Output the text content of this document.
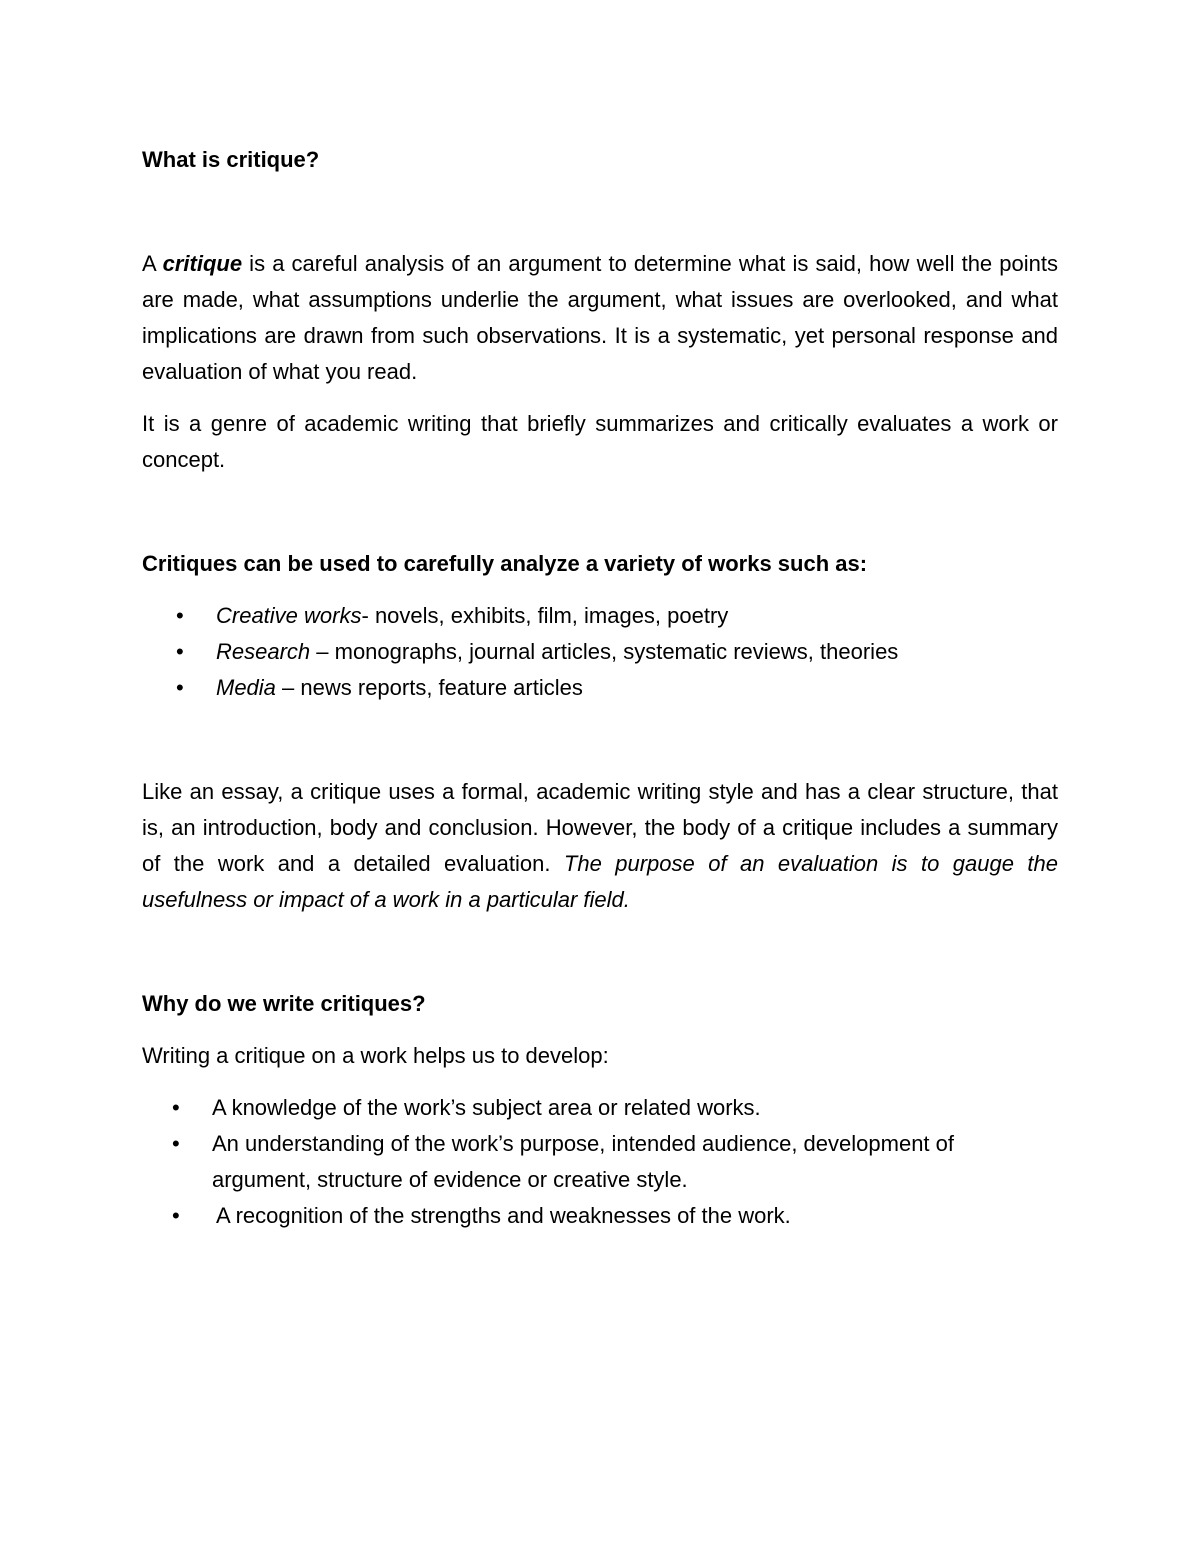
What is critique?

A critique is a careful analysis of an argument to determine what is said, how well the points are made, what assumptions underlie the argument, what issues are overlooked, and what implications are drawn from such observations. It is a systematic, yet personal response and evaluation of what you read.

It is a genre of academic writing that briefly summarizes and critically evaluates a work or concept.

Critiques can be used to carefully analyze a variety of works such as:

• Creative works- novels, exhibits, film, images, poetry
• Research – monographs, journal articles, systematic reviews, theories
• Media – news reports, feature articles

Like an essay, a critique uses a formal, academic writing style and has a clear structure, that is, an introduction, body and conclusion. However, the body of a critique includes a summary of the work and a detailed evaluation. The purpose of an evaluation is to gauge the usefulness or impact of a work in a particular field.

Why do we write critiques?

Writing a critique on a work helps us to develop:

• A knowledge of the work’s subject area or related works.
• An understanding of the work’s purpose, intended audience, development of argument, structure of evidence or creative style.
• A recognition of the strengths and weaknesses of the work.
